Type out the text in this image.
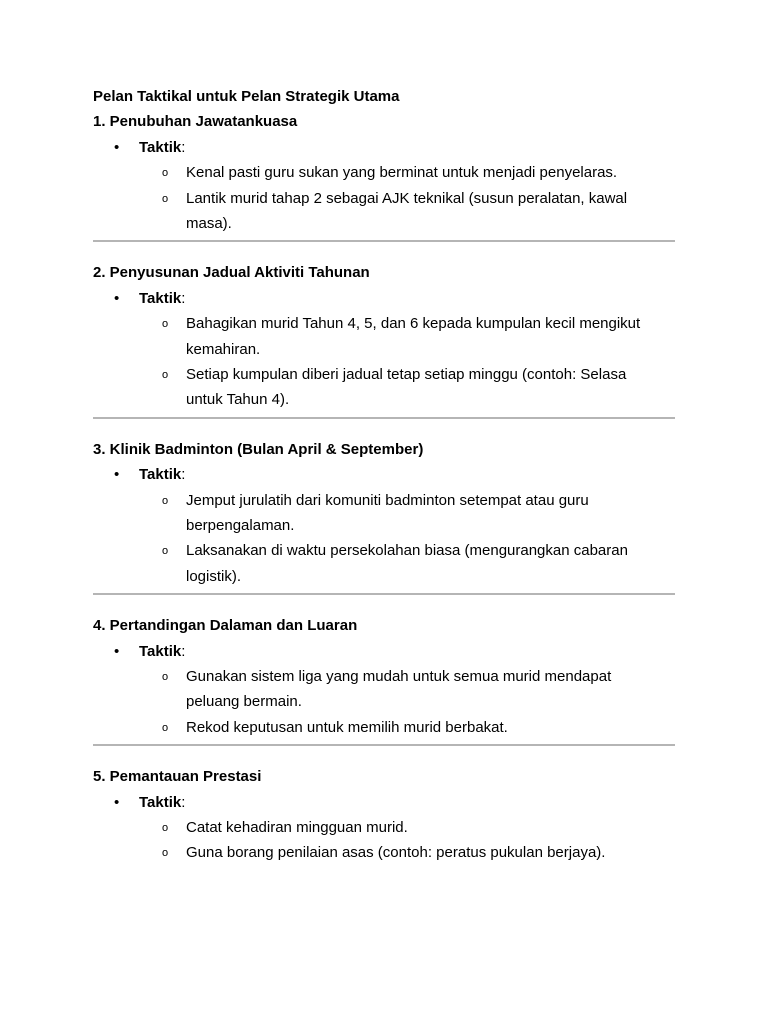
Pelan Taktikal untuk Pelan Strategik Utama
1. Penubuhan Jawatankuasa
• Taktik:
o Kenal pasti guru sukan yang berminat untuk menjadi penyelaras.
o Lantik murid tahap 2 sebagai AJK teknikal (susun peralatan, kawal masa).
2. Penyusunan Jadual Aktiviti Tahunan
• Taktik:
o Bahagikan murid Tahun 4, 5, dan 6 kepada kumpulan kecil mengikut kemahiran.
o Setiap kumpulan diberi jadual tetap setiap minggu (contoh: Selasa untuk Tahun 4).
3. Klinik Badminton (Bulan April & September)
• Taktik:
o Jemput jurulatih dari komuniti badminton setempat atau guru berpengalaman.
o Laksanakan di waktu persekolahan biasa (mengurangkan cabaran logistik).
4. Pertandingan Dalaman dan Luaran
• Taktik:
o Gunakan sistem liga yang mudah untuk semua murid mendapat peluang bermain.
o Rekod keputusan untuk memilih murid berbakat.
5. Pemantauan Prestasi
• Taktik:
o Catat kehadiran mingguan murid.
o Guna borang penilaian asas (contoh: peratus pukulan berjaya).
